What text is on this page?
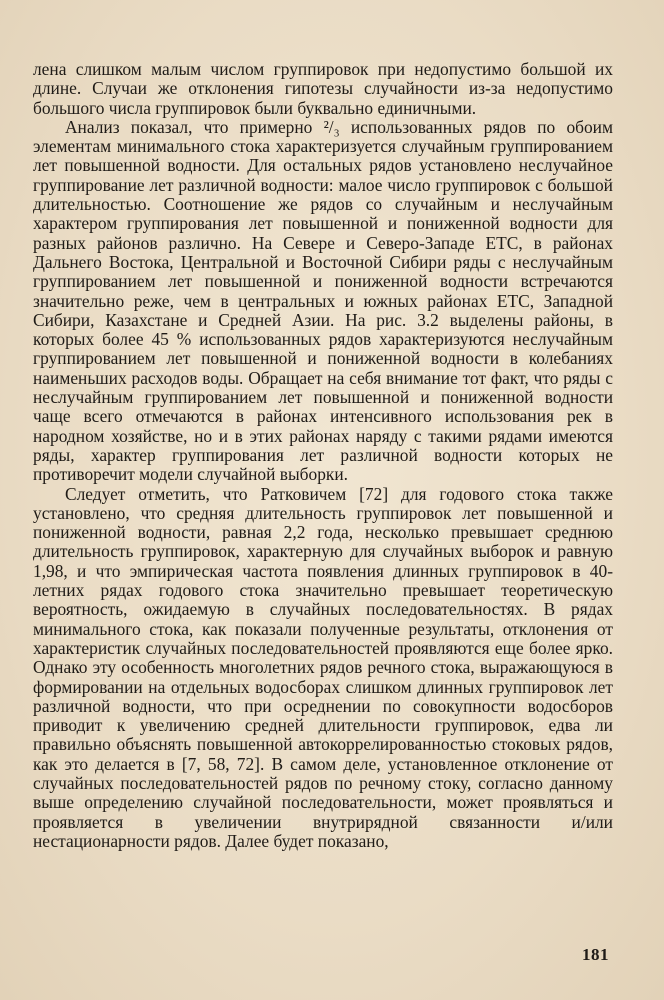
лена слишком малым числом группировок при недопустимо большой их длине. Случаи же отклонения гипотезы случайности из-за недопустимо большого числа группировок были буквально единичными.

Анализ показал, что примерно ²/₃ использованных рядов по обоим элементам минимального стока характеризуется случайным группированием лет повышенной водности. Для остальных рядов установлено неслучайное группирование лет различной водности: малое число группировок с большой длительностью. Соотношение же рядов со случайным и неслучайным характером группирования лет повышенной и пониженной водности для разных районов различно. На Севере и Северо-Западе ЕТС, в районах Дальнего Востока, Центральной и Восточной Сибири ряды с неслучайным группированием лет повышенной и пониженной водности встречаются значительно реже, чем в центральных и южных районах ЕТС, Западной Сибири, Казахстане и Средней Азии. На рис. 3.2 выделены районы, в которых более 45 % использованных рядов характеризуются неслучайным группированием лет повышенной и пониженной водности в колебаниях наименьших расходов воды. Обращает на себя внимание тот факт, что ряды с неслучайным группированием лет повышенной и пониженной водности чаще всего отмечаются в районах интенсивного использования рек в народном хозяйстве, но и в этих районах наряду с такими рядами имеются ряды, характер группирования лет различной водности которых не противоречит модели случайной выборки.

Следует отметить, что Ратковичем [72] для годового стока также установлено, что средняя длительность группировок лет повышенной и пониженной водности, равная 2,2 года, несколько превышает среднюю длительность группировок, характерную для случайных выборок и равную 1,98, и что эмпирическая частота появления длинных группировок в 40-летних рядах годового стока значительно превышает теоретическую вероятность, ожидаемую в случайных последовательностях. В рядах минимального стока, как показали полученные результаты, отклонения от характеристик случайных последовательностей проявляются еще более ярко. Однако эту особенность многолетних рядов речного стока, выражающуюся в формировании на отдельных водосборах слишком длинных группировок лет различной водности, что при осреднении по совокупности водосборов приводит к увеличению средней длительности группировок, едва ли правильно объяснять повышенной автокоррелированностью стоковых рядов, как это делается в [7, 58, 72]. В самом деле, установленное отклонение от случайных последовательностей рядов по речному стоку, согласно данному выше определению случайной последовательности, может проявляться и проявляется в увеличении внутрирядной связанности и/или нестационарности рядов. Далее будет показано,

181
